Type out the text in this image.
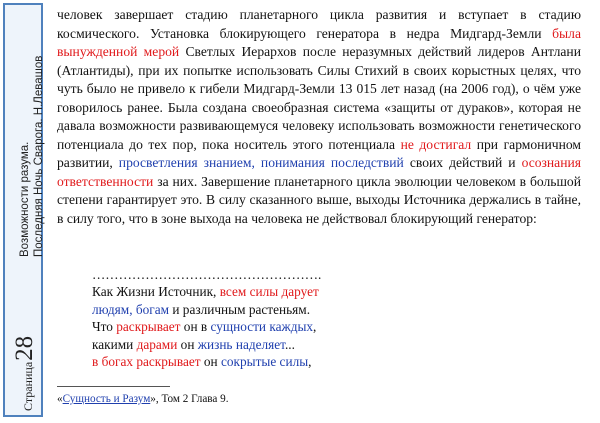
Возможности разума. Последняя Ночь Сварога. Н.Левашов
Страница
28

человек завершает стадию планетарного цикла развития и вступает в стадию космического. Установка блокирующего генератора в недра Мидгард-Земли была вынужденной мерой Светлых Иерархов после неразумных действий лидеров Антлани (Атлантиды), при их попытке использовать Силы Стихий в своих корыстных целях, что чуть было не привело к гибели Мидгард-Земли 13 015 лет назад (на 2006 год), о чём уже говорилось ранее. Была создана своеобразная система «защиты от дураков», которая не давала возможности развивающемуся человеку использовать возможности генетического потенциала до тех пор, пока носитель этого потенциала не достигал при гармоничном развитии, просветления знанием, понимания последствий своих действий и осознания ответственности за них. Завершение планетарного цикла эволюции человеком в большой степени гарантирует это. В силу сказанного выше, выходы Источника держались в тайне, в силу того, что в зоне выхода на человека не действовал блокирующий генератор:

…………………………………………….
Как Жизни Источник, всем силы дарует
людям, богам и различным растеньям.
Что раскрывает он в сущности каждых,
какими дарами он жизнь наделяет...
в богах раскрывает он сокрытые силы,
«Сущность и Разум», Том 2 Глава 9.
